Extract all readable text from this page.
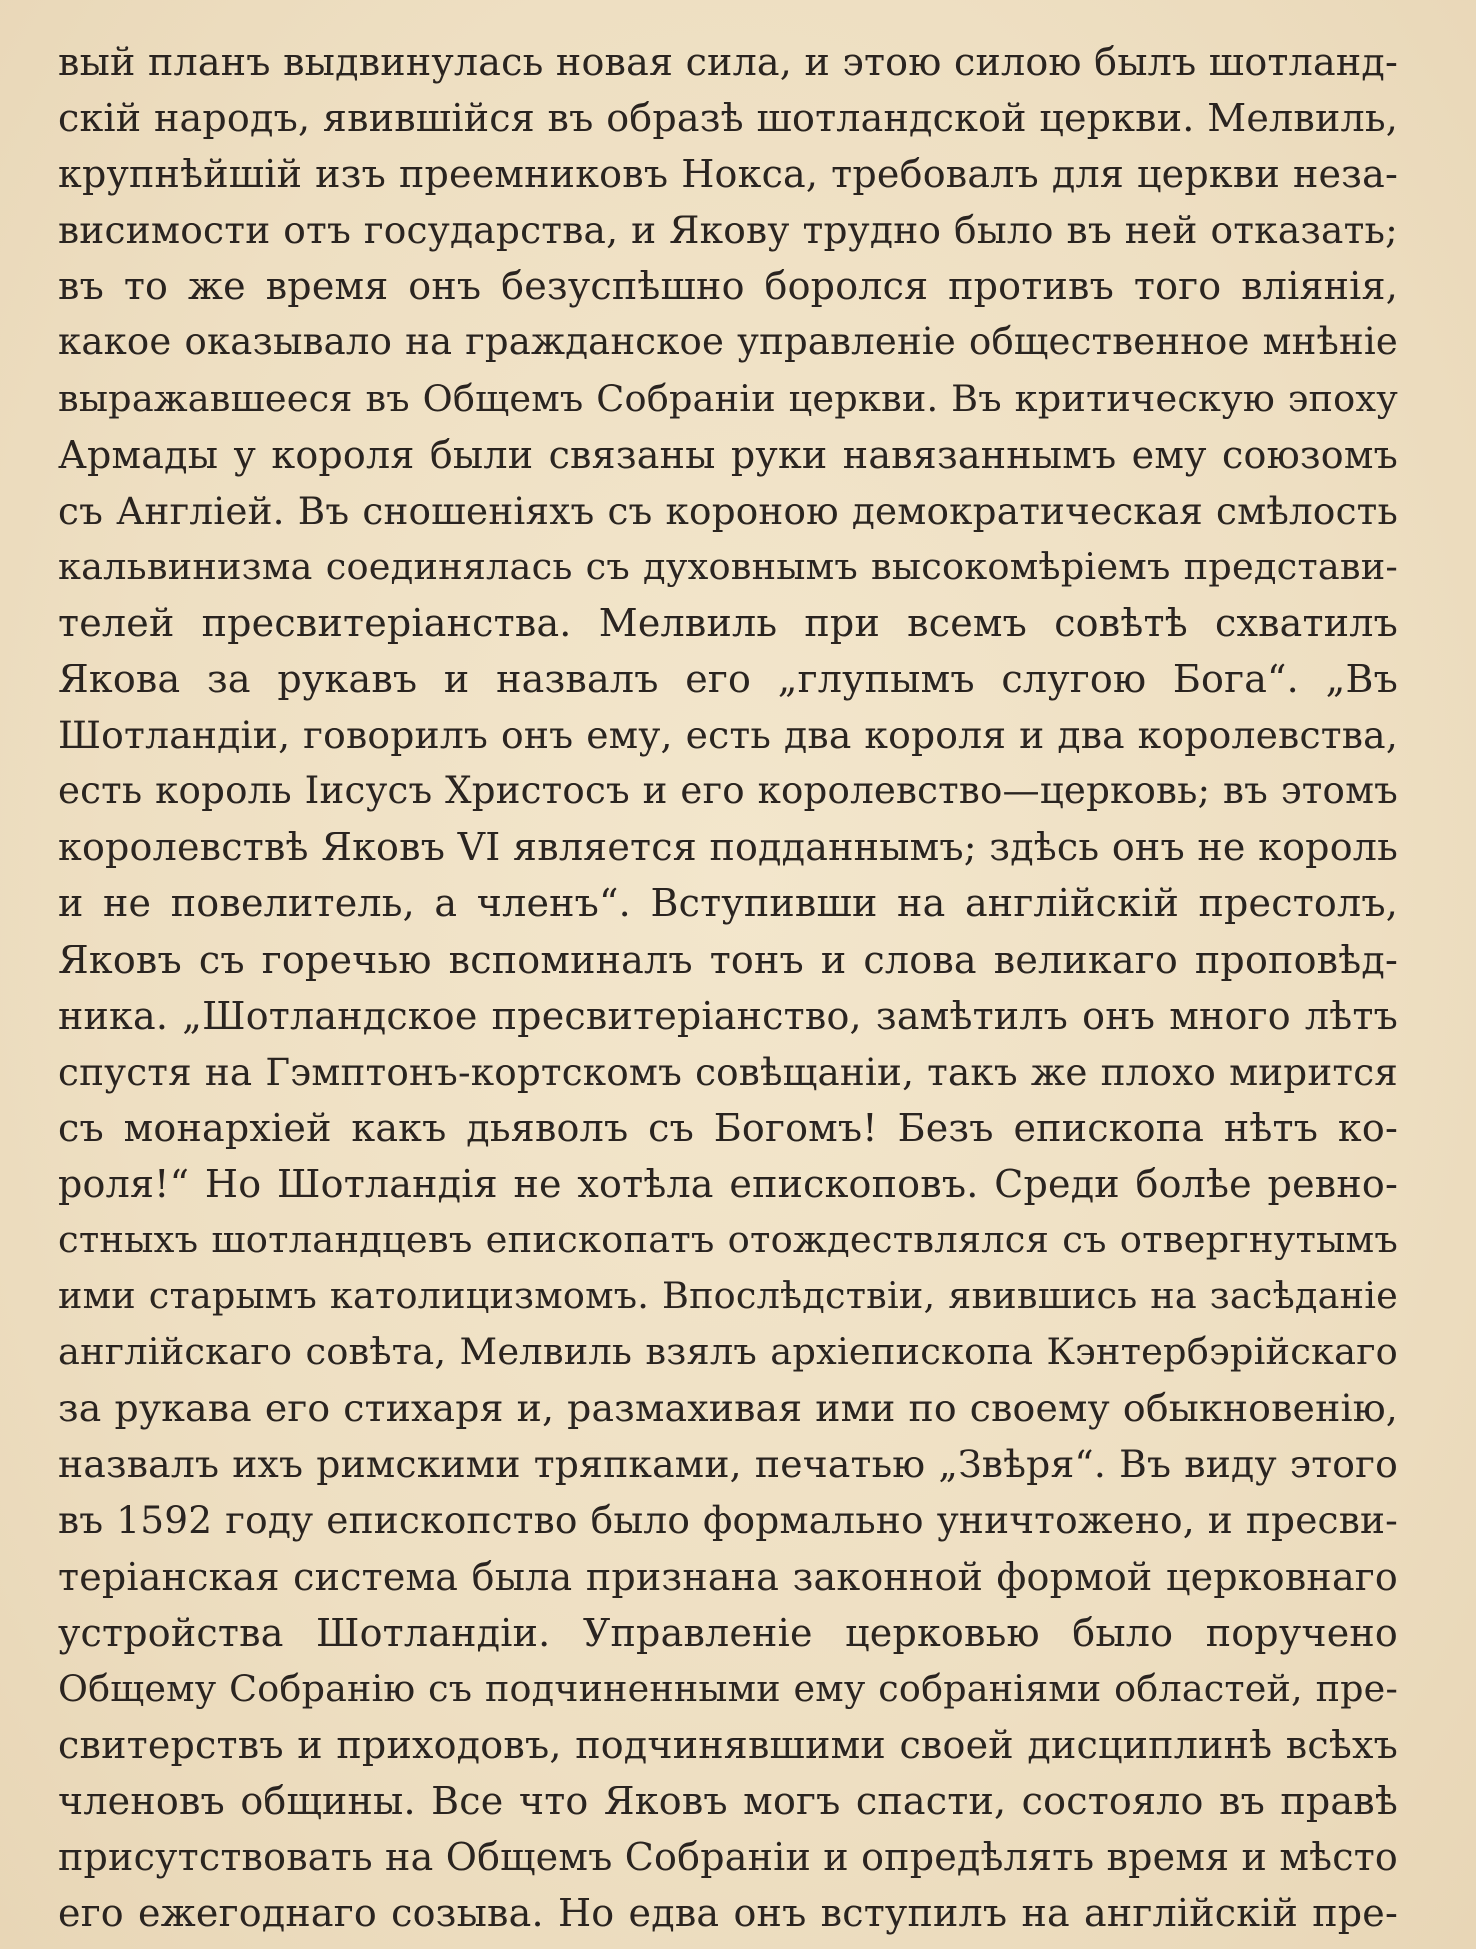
вый планъ выдвинулась новая сила, и этою силою былъ шотланд-
скій народъ, явившійся въ образѣ шотландской церкви. Мелвиль,
крупнѣйшій изъ преемниковъ Нокса, требовалъ для церкви неза-
висимости отъ государства, и Якову трудно было въ ней отказать;
въ то же время онъ безуспѣшно боролся противъ того вліянія,
какое оказывало на гражданское управленіе общественное мнѣніе
выражавшееся въ Общемъ Собраніи церкви. Въ критическую эпоху
Армады у короля были связаны руки навязаннымъ ему союзомъ
съ Англіей. Въ сношеніяхъ съ короною демократическая смѣлость
кальвинизма соединялась съ духовнымъ высокомѣріемъ представи-
телей пресвитеріанства. Мелвиль при всемъ совѣтѣ схватилъ
Якова за рукавъ и назвалъ его „глупымъ слугою Бога“. „Въ
Шотландіи, говорилъ онъ ему, есть два короля и два королевства,
есть король Іисусъ Христосъ и его королевство—церковь; въ этомъ
королевствѣ Яковъ VI является подданнымъ; здѣсь онъ не король
и не повелитель, а членъ“. Вступивши на англійскій престолъ,
Яковъ съ горечью вспоминалъ тонъ и слова великаго проповѣд-
ника. „Шотландское пресвитеріанство, замѣтилъ онъ много лѣтъ
спустя на Гэмптонъ-кортскомъ совѣщаніи, такъ же плохо мирится
съ монархіей какъ дьяволъ съ Богомъ! Безъ епископа нѣтъ ко-
роля!“ Но Шотландія не хотѣла епископовъ. Среди болѣе ревно-
стныхъ шотландцевъ епископатъ отождествлялся съ отвергнутымъ
ими старымъ католицизмомъ. Впослѣдствіи, явившись на засѣданіе
англійскаго совѣта, Мелвиль взялъ архіепископа Кэнтербэрійскаго
за рукава его стихаря и, размахивая ими по своему обыкновенію,
назвалъ ихъ римскими тряпками, печатью „Звѣря“. Въ виду этого
въ 1592 году епископство было формально уничтожено, и пресви-
теріанская система была признана законной формой церковнаго
устройства Шотландіи. Управленіе церковью было поручено
Общему Собранію съ подчиненными ему собраніями областей, пре-
свитерствъ и приходовъ, подчинявшими своей дисциплинѣ всѣхъ
членовъ общины. Все что Яковъ могъ спасти, состояло въ правѣ
присутствовать на Общемъ Собраніи и опредѣлять время и мѣсто
его ежегоднаго созыва. Но едва онъ вступилъ на англійскій пре-
